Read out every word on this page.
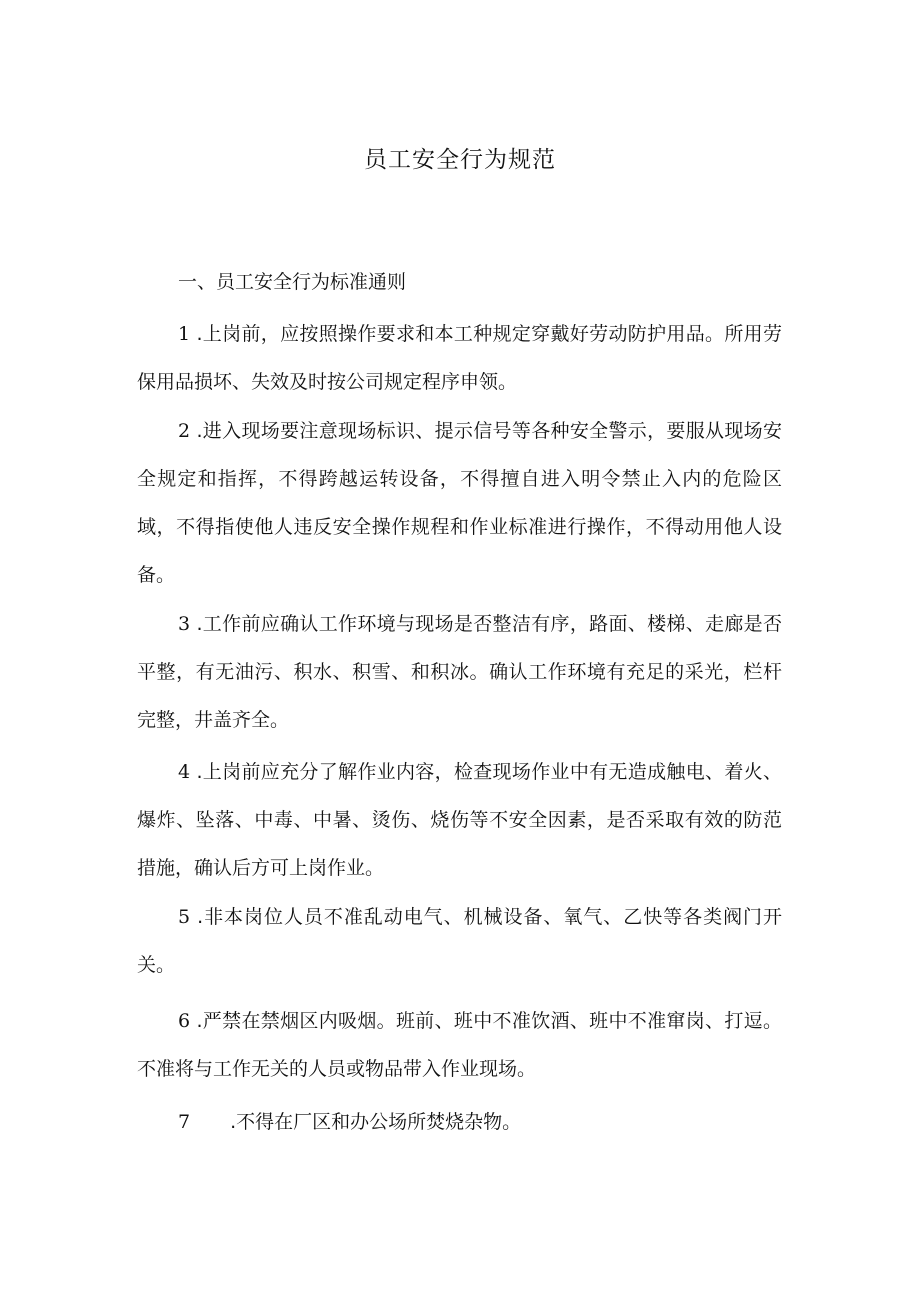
员工安全行为规范
一、员工安全行为标准通则

1 .上岗前，应按照操作要求和本工种规定穿戴好劳动防护用品。所用劳保用品损坏、失效及时按公司规定程序申领。

2 .进入现场要注意现场标识、提示信号等各种安全警示，要服从现场安全规定和指挥，不得跨越运转设备，不得擅自进入明令禁止入内的危险区域，不得指使他人违反安全操作规程和作业标准进行操作，不得动用他人设备。

3 .工作前应确认工作环境与现场是否整洁有序，路面、楼梯、走廊是否平整，有无油污、积水、积雪、和积冰。确认工作环境有充足的采光，栏杆完整，井盖齐全。

4 .上岗前应充分了解作业内容，检查现场作业中有无造成触电、着火、爆炸、坠落、中毒、中暑、烫伤、烧伤等不安全因素，是否采取有效的防范措施，确认后方可上岗作业。

5 .非本岗位人员不准乱动电气、机械设备、氧气、乙快等各类阀门开关。

6 .严禁在禁烟区内吸烟。班前、班中不准饮酒、班中不准窜岗、打逗。不准将与工作无关的人员或物品带入作业现场。

7 .不得在厂区和办公场所焚烧杂物。
